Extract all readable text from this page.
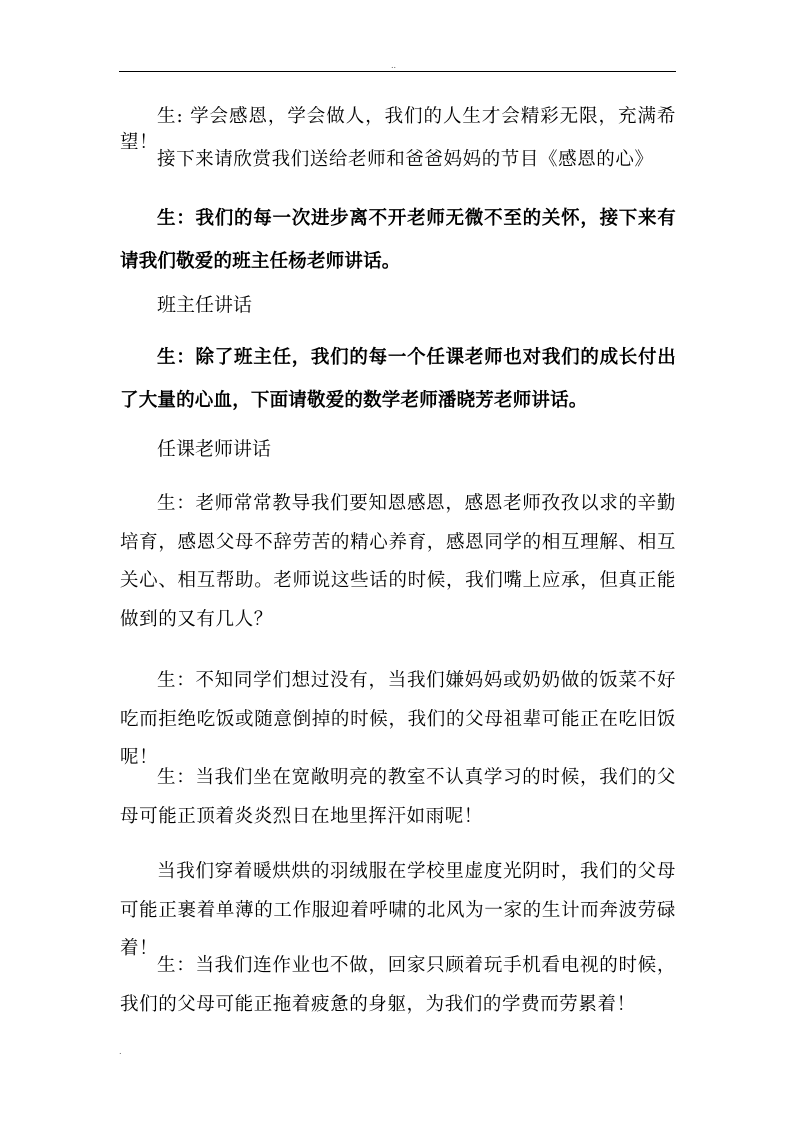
..

生: 学会感恩，学会做人，我们的人生才会精彩无限，充满希望！

接下来请欣赏我们送给老师和爸爸妈妈的节目《感恩的心》

生：我们的每一次进步离不开老师无微不至的关怀，接下来有请我们敬爱的班主任杨老师讲话。

班主任讲话

生：除了班主任，我们的每一个任课老师也对我们的成长付出了大量的心血，下面请敬爱的数学老师潘晓芳老师讲话。

任课老师讲话

生：老师常常教导我们要知恩感恩，感恩老师孜孜以求的辛勤培育，感恩父母不辞劳苦的精心养育，感恩同学的相互理解、相互关心、相互帮助。老师说这些话的时候，我们嘴上应承，但真正能做到的又有几人？

生：不知同学们想过没有，当我们嫌妈妈或奶奶做的饭菜不好吃而拒绝吃饭或随意倒掉的时候，我们的父母祖辈可能正在吃旧饭呢！

生：当我们坐在宽敞明亮的教室不认真学习的时候，我们的父母可能正顶着炎炎烈日在地里挥汗如雨呢！

当我们穿着暖烘烘的羽绒服在学校里虚度光阴时，我们的父母可能正裹着单薄的工作服迎着呼啸的北风为一家的生计而奔波劳碌着！

生：当我们连作业也不做，回家只顾着玩手机看电视的时候，我们的父母可能正拖着疲惫的身躯，为我们的学费而劳累着！

.
